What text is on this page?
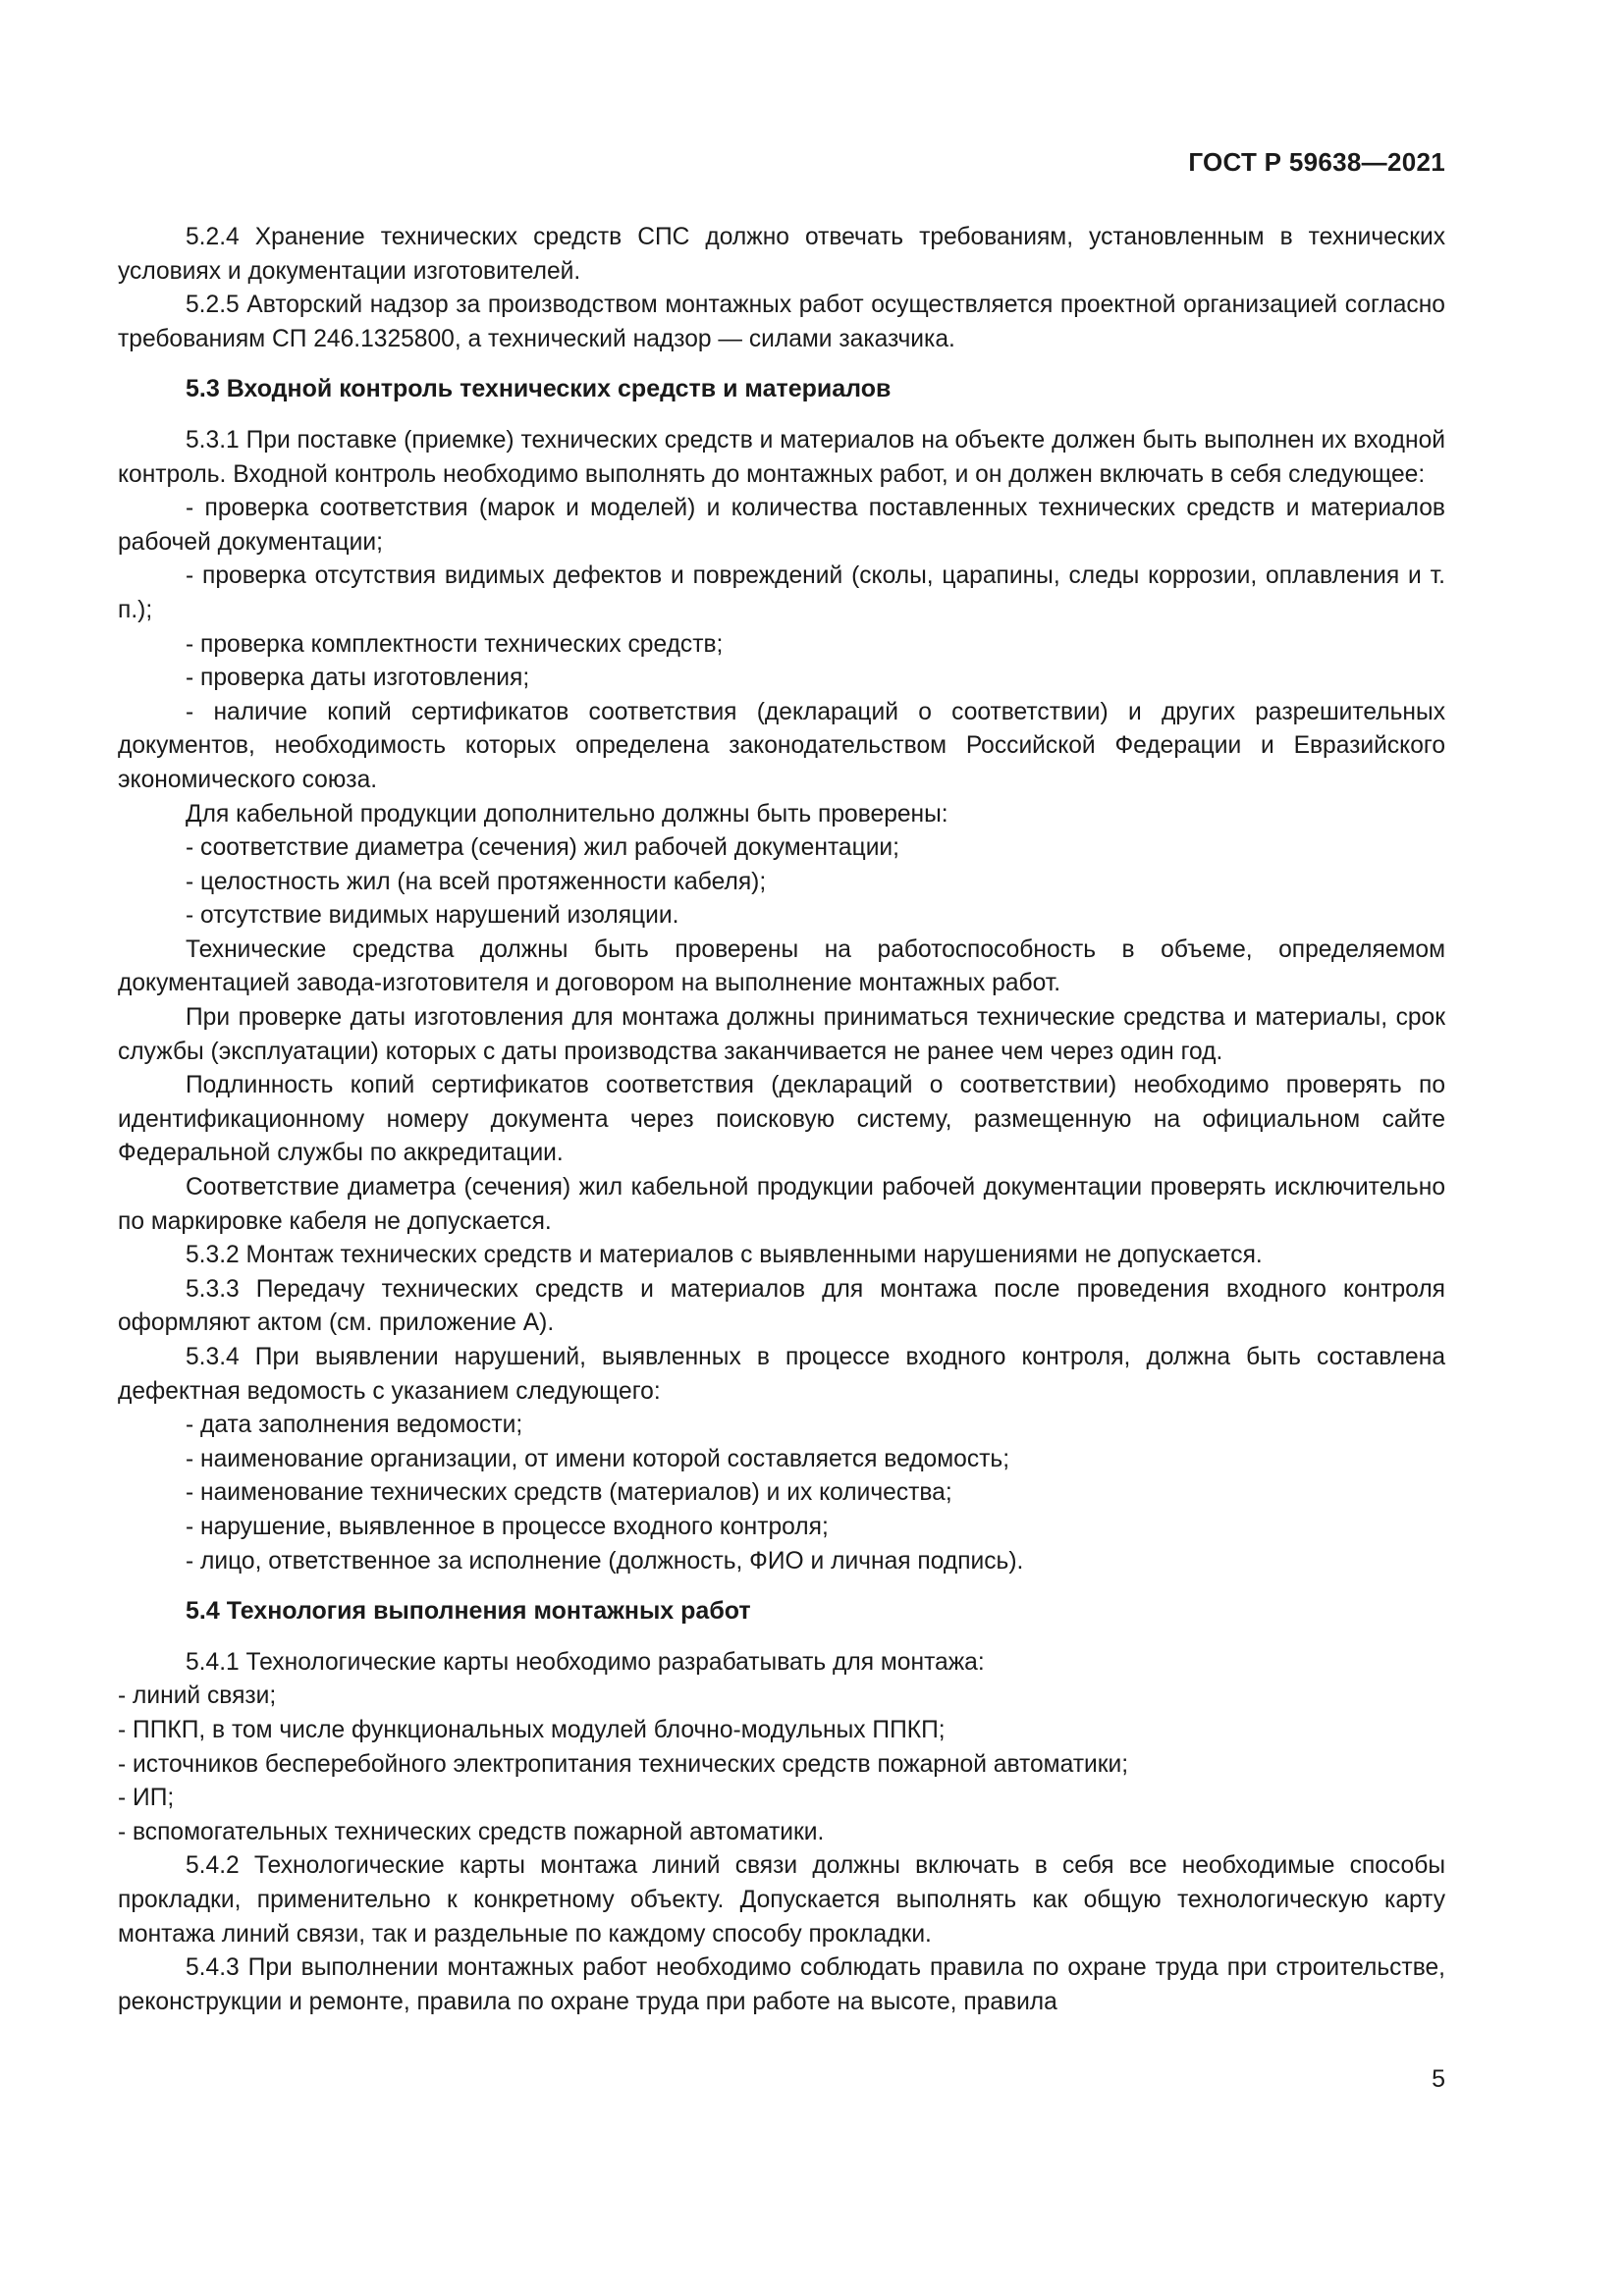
ГОСТ Р 59638—2021

5.2.4 Хранение технических средств СПС должно отвечать требованиям, установленным в технических условиях и документации изготовителей.

5.2.5 Авторский надзор за производством монтажных работ осуществляется проектной организацией согласно требованиям СП 246.1325800, а технический надзор — силами заказчика.

5.3 Входной контроль технических средств и материалов

5.3.1 При поставке (приемке) технических средств и материалов на объекте должен быть выполнен их входной контроль. Входной контроль необходимо выполнять до монтажных работ, и он должен включать в себя следующее:

- проверка соответствия (марок и моделей) и количества поставленных технических средств и материалов рабочей документации;

- проверка отсутствия видимых дефектов и повреждений (сколы, царапины, следы коррозии, оплавления и т. п.);

- проверка комплектности технических средств;

- проверка даты изготовления;

- наличие копий сертификатов соответствия (деклараций о соответствии) и других разрешительных документов, необходимость которых определена законодательством Российской Федерации и Евразийского экономического союза.

Для кабельной продукции дополнительно должны быть проверены:

- соответствие диаметра (сечения) жил рабочей документации;

- целостность жил (на всей протяженности кабеля);

- отсутствие видимых нарушений изоляции.

Технические средства должны быть проверены на работоспособность в объеме, определяемом документацией завода-изготовителя и договором на выполнение монтажных работ.

При проверке даты изготовления для монтажа должны приниматься технические средства и материалы, срок службы (эксплуатации) которых с даты производства заканчивается не ранее чем через один год.

Подлинность копий сертификатов соответствия (деклараций о соответствии) необходимо проверять по идентификационному номеру документа через поисковую систему, размещенную на официальном сайте Федеральной службы по аккредитации.

Соответствие диаметра (сечения) жил кабельной продукции рабочей документации проверять исключительно по маркировке кабеля не допускается.

5.3.2 Монтаж технических средств и материалов с выявленными нарушениями не допускается.

5.3.3 Передачу технических средств и материалов для монтажа после проведения входного контроля оформляют актом (см. приложение А).

5.3.4 При выявлении нарушений, выявленных в процессе входного контроля, должна быть составлена дефектная ведомость с указанием следующего:

- дата заполнения ведомости;

- наименование организации, от имени которой составляется ведомость;

- наименование технических средств (материалов) и их количества;

- нарушение, выявленное в процессе входного контроля;

- лицо, ответственное за исполнение (должность, ФИО и личная подпись).

5.4 Технология выполнения монтажных работ

5.4.1 Технологические карты необходимо разрабатывать для монтажа:

- линий связи;

- ППКП, в том числе функциональных модулей блочно-модульных ППКП;

- источников бесперебойного электропитания технических средств пожарной автоматики;

- ИП;

- вспомогательных технических средств пожарной автоматики.

5.4.2 Технологические карты монтажа линий связи должны включать в себя все необходимые способы прокладки, применительно к конкретному объекту. Допускается выполнять как общую технологическую карту монтажа линий связи, так и раздельные по каждому способу прокладки.

5.4.3 При выполнении монтажных работ необходимо соблюдать правила по охране труда при строительстве, реконструкции и ремонте, правила по охране труда при работе на высоте, правила

5
